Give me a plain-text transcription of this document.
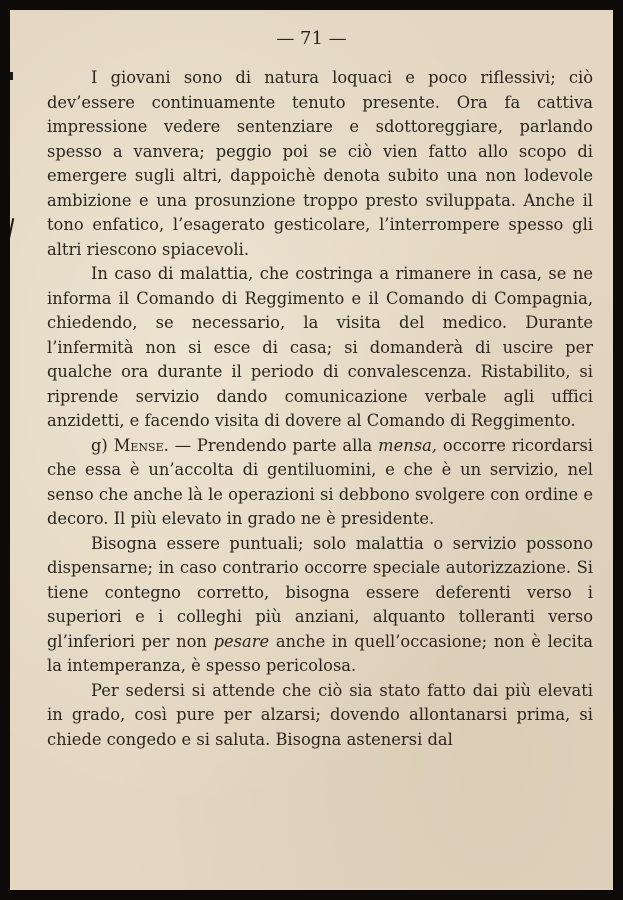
— 71 —

I giovani sono di natura loquaci e poco riflessivi; ciò dev’essere continuamente tenuto presente. Ora fa cattiva impressione vedere sentenziare e sdottoreggiare, parlando spesso a vanvera; peggio poi se ciò vien fatto allo scopo di emergere sugli altri, dappoichè denota subito una non lodevole ambizione e una prosunzione troppo presto sviluppata. Anche il tono enfatico, l’esagerato gesticolare, l’interrompere spesso gli altri riescono spiacevoli.

In caso di malattia, che costringa a rimanere in casa, se ne informa il Comando di Reggimento e il Comando di Compagnia, chiedendo, se necessario, la visita del medico. Durante l’infermità non si esce di casa; si domanderà di uscire per qualche ora durante il periodo di convalescenza. Ristabilito, si riprende servizio dando comunicazione verbale agli uffici anzidetti, e facendo visita di dovere al Comando di Reggimento.

g) Mense. — Prendendo parte alla mensa, occorre ricordarsi che essa è un’accolta di gentiluomini, e che è un servizio, nel senso che anche là le operazioni si debbono svolgere con ordine e decoro. Il più elevato in grado ne è presidente.

Bisogna essere puntuali; solo malattia o servizio possono dispensarne; in caso contrario occorre speciale autorizzazione. Si tiene contegno corretto, bisogna essere deferenti verso i superiori e i colleghi più anziani, alquanto tolleranti verso gl’inferiori per non pesare anche in quell’occasione; non è lecita la intemperanza, è spesso pericolosa.

Per sedersi si attende che ciò sia stato fatto dai più elevati in grado, così pure per alzarsi; dovendo allontanarsi prima, si chiede congedo e si saluta. Bisogna astenersi dal
